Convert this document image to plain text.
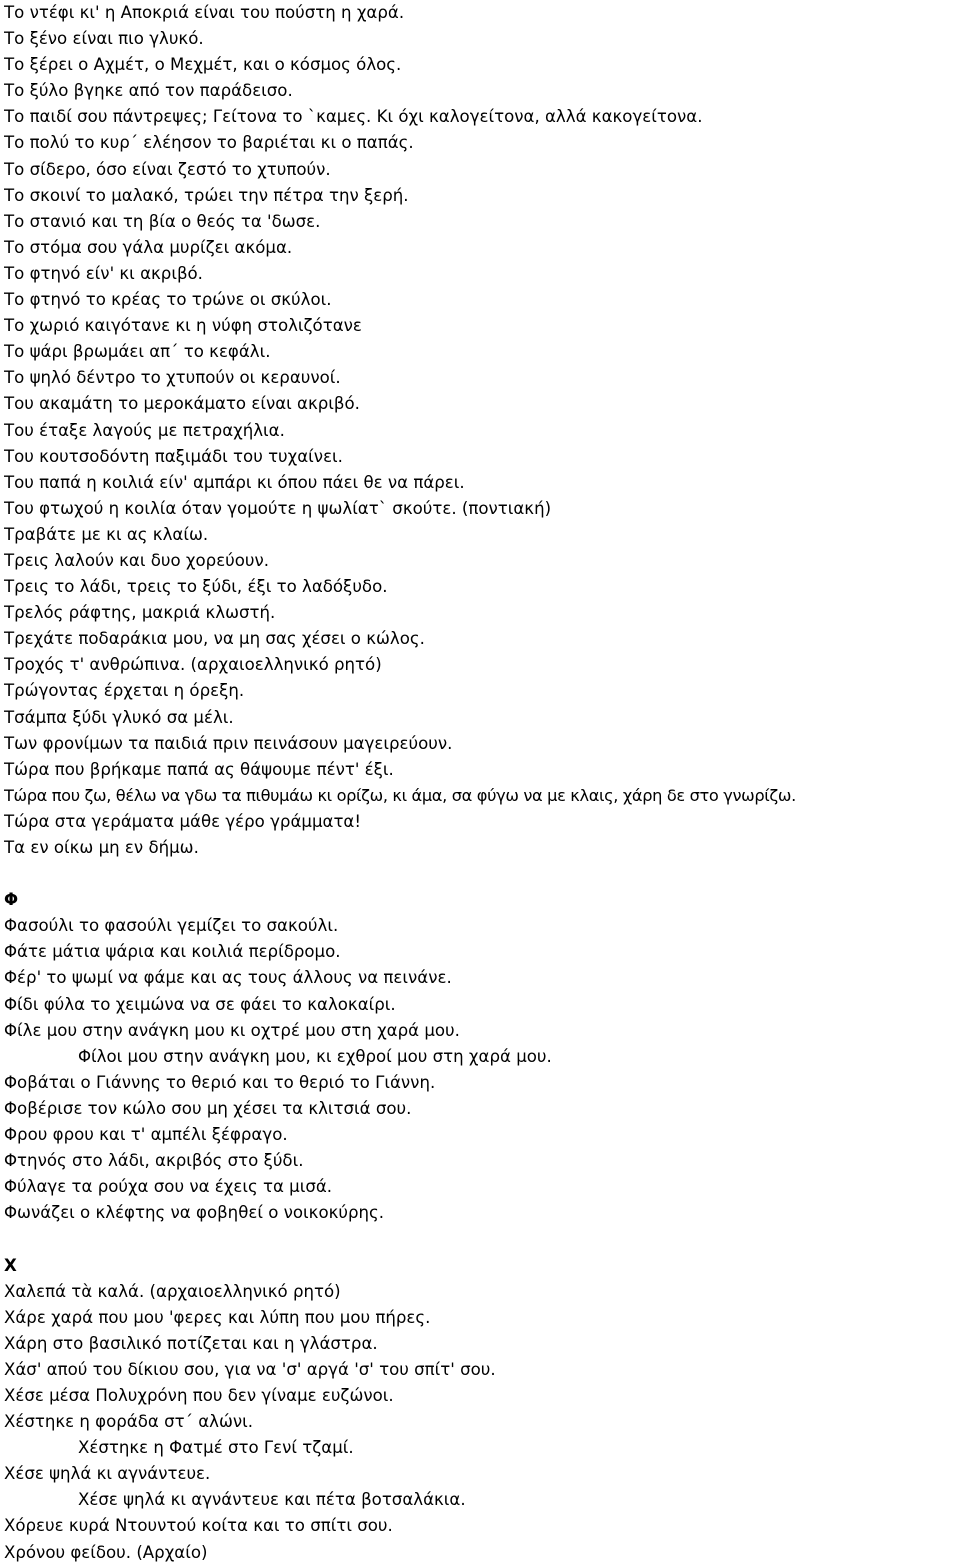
Το ντέφι κι' η Αποκριά είναι του πούστη η χαρά.
Το ξένο είναι πιο γλυκό.
Το ξέρει ο Αχμέτ, ο Μεχμέτ, και ο κόσμος όλος.
Το ξύλο βγηκε από τον παράδεισο.
Το παιδί σου πάντρεψες; Γείτονα το `καμες. Κι όχι καλογείτονα, αλλά κακογείτονα.
Το πολύ το κυρ΄ ελέησον το βαριέται κι ο παπάς.
Το σίδερο, όσο είναι ζεστό το χτυπούν.
Το σκοινί το μαλακό, τρώει την πέτρα την ξερή.
Το στανιό και τη βία ο θεός τα 'δωσε.
Το στόμα σου γάλα μυρίζει ακόμα.
Το φτηνό είν' κι ακριβό.
Το φτηνό το κρέας το τρώνε οι σκύλοι.
Το χωριό καιγότανε κι η νύφη στολιζότανε
Το ψάρι βρωμάει απ΄ το κεφάλι.
Το ψηλό δέντρο το χτυπούν οι κεραυνοί.
Του ακαμάτη το μεροκάματο είναι ακριβό.
Του έταξε λαγούς με πετραχήλια.
Του κουτσοδόντη παξιμάδι του τυχαίνει.
Του παπά η κοιλιά είν' αμπάρι κι όπου πάει θε να πάρει.
Του φτωχού η κοιλία όταν γομούτε η ψωλίατ` σκούτε. (ποντιακή)
Τραβάτε με κι ας κλαίω.
Τρεις λαλούν και δυο χορεύουν.
Τρεις το λάδι, τρεις το ξύδι, έξι το λαδόξυδο.
Τρελός ράφτης, μακριά κλωστή.
Τρεχάτε ποδαράκια μου, να μη σας χέσει ο κώλος.
Τροχός τ' ανθρώπινα. (αρχαιοελληνικό ρητό)
Τρώγοντας έρχεται η όρεξη.
Τσάμπα ξύδι γλυκό σα μέλι.
Των φρονίμων τα παιδιά πριν πεινάσουν μαγειρεύουν.
Τώρα που βρήκαμε παπά ας θάψουμε πέντ' έξι.
Τώρα που ζω, θέλω να γδω τα πιθυμάω κι ορίζω, κι άμα, σα φύγω να με κλαις, χάρη δε στο γνωρίζω.
Τώρα στα γεράματα μάθε γέρο γράμματα!
Τα εν οίκω μη εν δήμω.
Φ
Φασούλι το φασούλι γεμίζει το σακούλι.
Φάτε μάτια ψάρια και κοιλιά περίδρομο.
Φέρ' το ψωμί να φάμε και ας τους άλλους να πεινάνε.
Φίδι φύλα το χειμώνα να σε φάει το καλοκαίρι.
Φίλε μου στην ανάγκη μου κι οχτρέ μου στη χαρά μου.
Φίλοι μου στην ανάγκη μου, κι εχθροί μου στη χαρά μου.
Φοβάται ο Γιάννης το θεριό και το θεριό το Γιάννη.
Φοβέρισε τον κώλο σου μη χέσει τα κλιτσιά σου.
Φρου φρου και τ' αμπέλι ξέφραγο.
Φτηνός στο λάδι, ακριβός στο ξύδι.
Φύλαγε τα ρούχα σου να έχεις τα μισά.
Φωνάζει ο κλέφτης να φοβηθεί ο νοικοκύρης.
Χ
Χαλεπά τὰ καλά. (αρχαιοελληνικό ρητό)
Χάρε χαρά που μου 'φερες και λύπη που μου πήρες.
Χάρη στο βασιλικό ποτίζεται και η γλάστρα.
Χάσ' απού του δίκιου σου, για να 'σ' αργά 'σ' του σπίτ' σου.
Χέσε μέσα Πολυχρόνη που δεν γίναμε ευζώνοι.
Χέστηκε η φοράδα στ΄ αλώνι.
Χέστηκε η Φατμέ στο Γενί τζαμί.
Χέσε ψηλά κι αγνάντευε.
Χέσε ψηλά κι αγνάντευε και πέτα βοτσαλάκια.
Χόρευε κυρά Ντουντού κοίτα και το σπίτι σου.
Χρόνου φείδου. (Αρχαίο)
